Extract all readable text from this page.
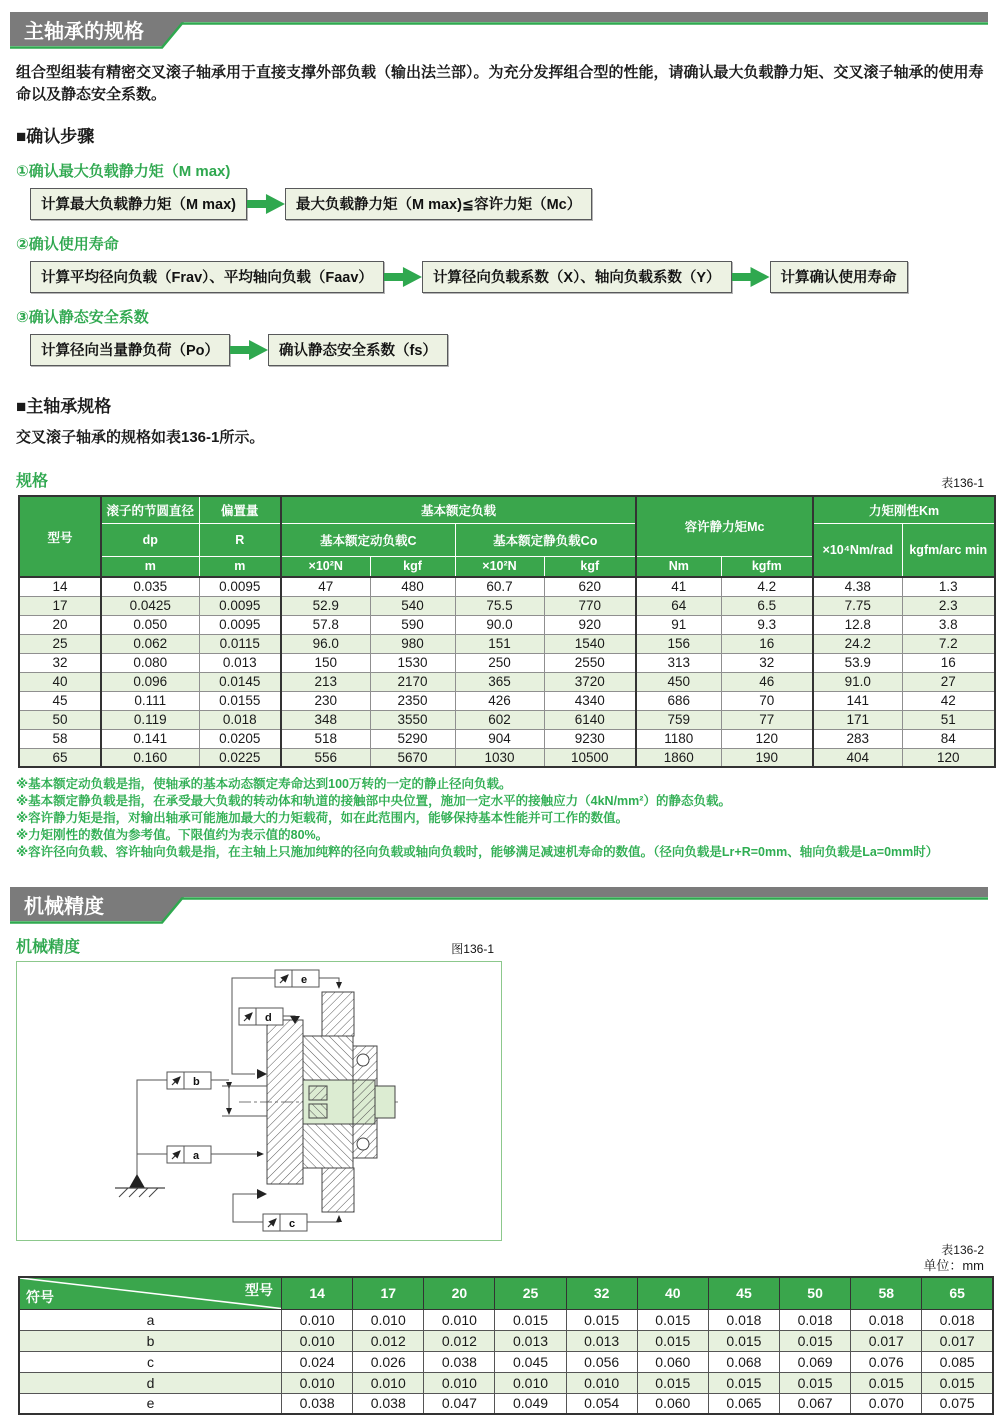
主轴承的规格

组合型组装有精密交叉滚子轴承用于直接支撑外部负载（输出法兰部）。为充分发挥组合型的性能，请确认最大负载静力矩、交叉滚子轴承的使用寿命以及静态安全系数。

■确认步骤
①确认最大负载静力矩（M max)
计算最大负载静力矩（M max)	最大负载静力矩（M max)≦容许力矩（Mc）
②确认使用寿命
计算平均径向负载（Frav）、平均轴向负载（Faav）	计算径向负载系数（X）、轴向负载系数（Y）	计算确认使用寿命
③确认静态安全系数
计算径向当量静负荷（Po）	确认静态安全系数（fs）
■主轴承规格
交叉滚子轴承的规格如表136-1所示。
规格	表136-1
型号	滚子的节圆直径	偏置量	基本额定负载				容许静力矩Mc		力矩刚性Km	
	dp	R	基本额定动负载C		基本额定静负载Co				×10⁴Nm/rad	kgfm/arc min
	m	m	×10²N	kgf	×10²N	kgf	Nm	kgfm		
14	0.035	0.0095	47	480	60.7	620	41	4.2	4.38	1.3
17	0.0425	0.0095	52.9	540	75.5	770	64	6.5	7.75	2.3
20	0.050	0.0095	57.8	590	90.0	920	91	9.3	12.8	3.8
25	0.062	0.0115	96.0	980	151	1540	156	16	24.2	7.2
32	0.080	0.013	150	1530	250	2550	313	32	53.9	16
40	0.096	0.0145	213	2170	365	3720	450	46	91.0	27
45	0.111	0.0155	230	2350	426	4340	686	70	141	42
50	0.119	0.018	348	3550	602	6140	759	77	171	51
58	0.141	0.0205	518	5290	904	9230	1180	120	283	84
65	0.160	0.0225	556	5670	1030	10500	1860	190	404	120
※基本额定动负载是指，使轴承的基本动态额定寿命达到100万转的一定的静止径向负载。
※基本额定静负载是指，在承受最大负载的转动体和轨道的接触部中央位置，施加一定水平的接触应力（4kN/mm²）的静态负载。
※容许静力矩是指，对输出轴承可能施加最大的力矩载荷，如在此范围内，能够保持基本性能并可工作的数值。
※力矩刚性的数值为参考值。下限值约为表示值的80%。
※容许径向负载、容许轴向负载是指，在主轴上只施加纯粹的径向负载或轴向负载时，能够满足减速机寿命的数值。（径向负载是Lr+R=0mm、轴向负载是La=0mm时）
机械精度
机械精度	图136-1
e
d
b
a
c
表136-2
单位：mm
型号
符号	14	17	20	25	32	40	45	50	58	65
a	0.010	0.010	0.010	0.015	0.015	0.015	0.018	0.018	0.018	0.018
b	0.010	0.012	0.012	0.013	0.013	0.015	0.015	0.015	0.017	0.017
c	0.024	0.026	0.038	0.045	0.056	0.060	0.068	0.069	0.076	0.085
d	0.010	0.010	0.010	0.010	0.010	0.015	0.015	0.015	0.015	0.015
e	0.038	0.038	0.047	0.049	0.054	0.060	0.065	0.067	0.070	0.075
